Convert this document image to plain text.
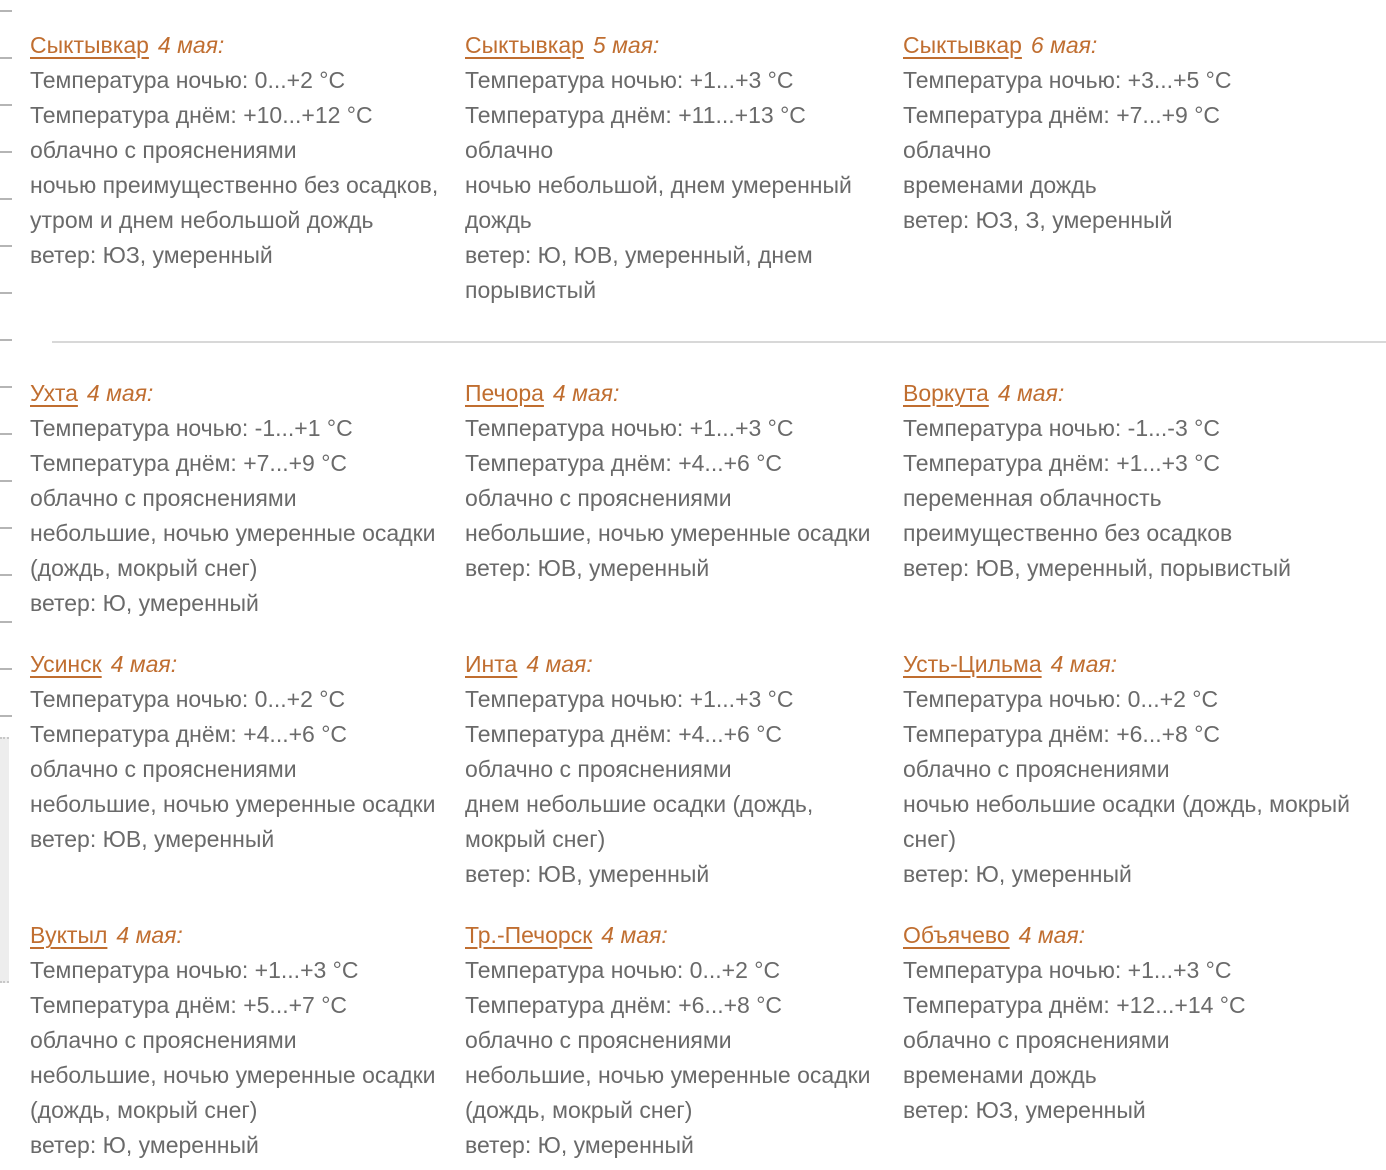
Сыктывкар 4 мая:

Температура ночью: 0...+2 °C

Температура днём: +10...+12 °C

облачно с прояснениями

ночью преимущественно без осадков, утром и днем небольшой дождь

ветер: ЮЗ, умеренный

Сыктывкар 5 мая:

Температура ночью: +1...+3 °C

Температура днём: +11...+13 °C

облачно

ночью небольшой, днем умеренный дождь

ветер: Ю, ЮВ, умеренный, днем порывистый

Сыктывкар 6 мая:

Температура ночью: +3...+5 °C

Температура днём: +7...+9 °C

облачно

временами дождь

ветер: ЮЗ, З, умеренный

Ухта 4 мая:

Температура ночью: -1...+1 °C

Температура днём: +7...+9 °C

облачно с прояснениями

небольшие, ночью умеренные осадки (дождь, мокрый снег)

ветер: Ю, умеренный

Печора 4 мая:

Температура ночью: +1...+3 °C

Температура днём: +4...+6 °C

облачно с прояснениями

небольшие, ночью умеренные осадки

ветер: ЮВ, умеренный

Воркута 4 мая:

Температура ночью: -1...-3 °C

Температура днём: +1...+3 °C

переменная облачность

преимущественно без осадков

ветер: ЮВ, умеренный, порывистый

Усинск 4 мая:

Температура ночью: 0...+2 °C

Температура днём: +4...+6 °C

облачно с прояснениями

небольшие, ночью умеренные осадки

ветер: ЮВ, умеренный

Инта 4 мая:

Температура ночью: +1...+3 °C

Температура днём: +4...+6 °C

облачно с прояснениями

днем небольшие осадки (дождь, мокрый снег)

ветер: ЮВ, умеренный

Усть-Цильма 4 мая:

Температура ночью: 0...+2 °C

Температура днём: +6...+8 °C

облачно с прояснениями

ночью небольшие осадки (дождь, мокрый снег)

ветер: Ю, умеренный

Вуктыл 4 мая:

Температура ночью: +1...+3 °C

Температура днём: +5...+7 °C

облачно с прояснениями

небольшие, ночью умеренные осадки (дождь, мокрый снег)

ветер: Ю, умеренный

Тр.-Печорск 4 мая:

Температура ночью: 0...+2 °C

Температура днём: +6...+8 °C

облачно с прояснениями

небольшие, ночью умеренные осадки (дождь, мокрый снег)

ветер: Ю, умеренный

Объячево 4 мая:

Температура ночью: +1...+3 °C

Температура днём: +12...+14 °C

облачно с прояснениями

временами дождь

ветер: ЮЗ, умеренный
